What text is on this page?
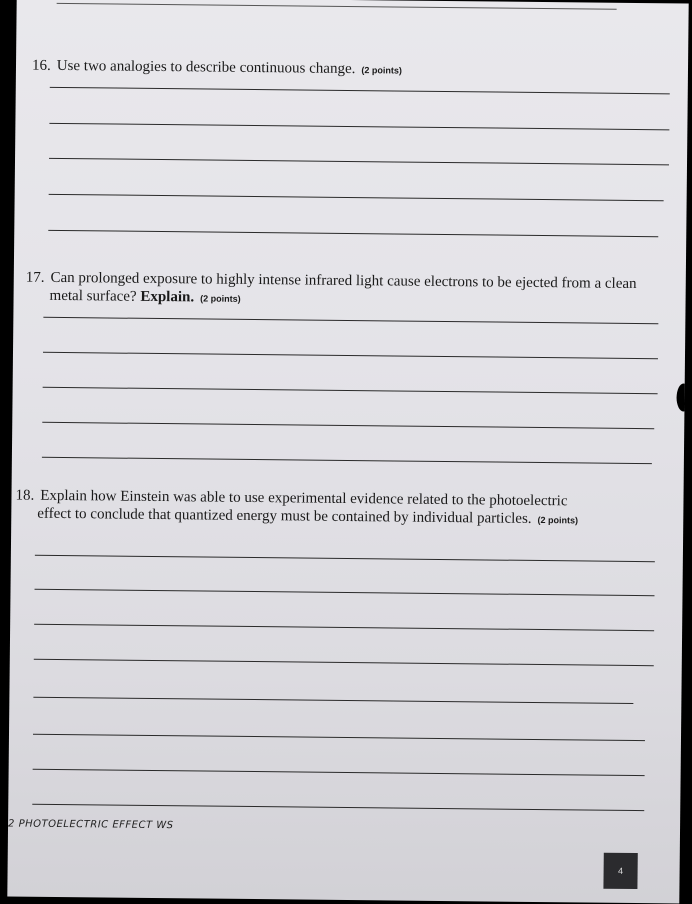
16. Use two analogies to describe continuous change. (2 points)
17. Can prolonged exposure to highly intense infrared light cause electrons to be ejected from a clean
metal surface? Explain. (2 points)
18. Explain how Einstein was able to use experimental evidence related to the photoelectric
effect to conclude that quantized energy must be contained by individual particles. (2 points)
2 PHOTOELECTRIC EFFECT WS
4
